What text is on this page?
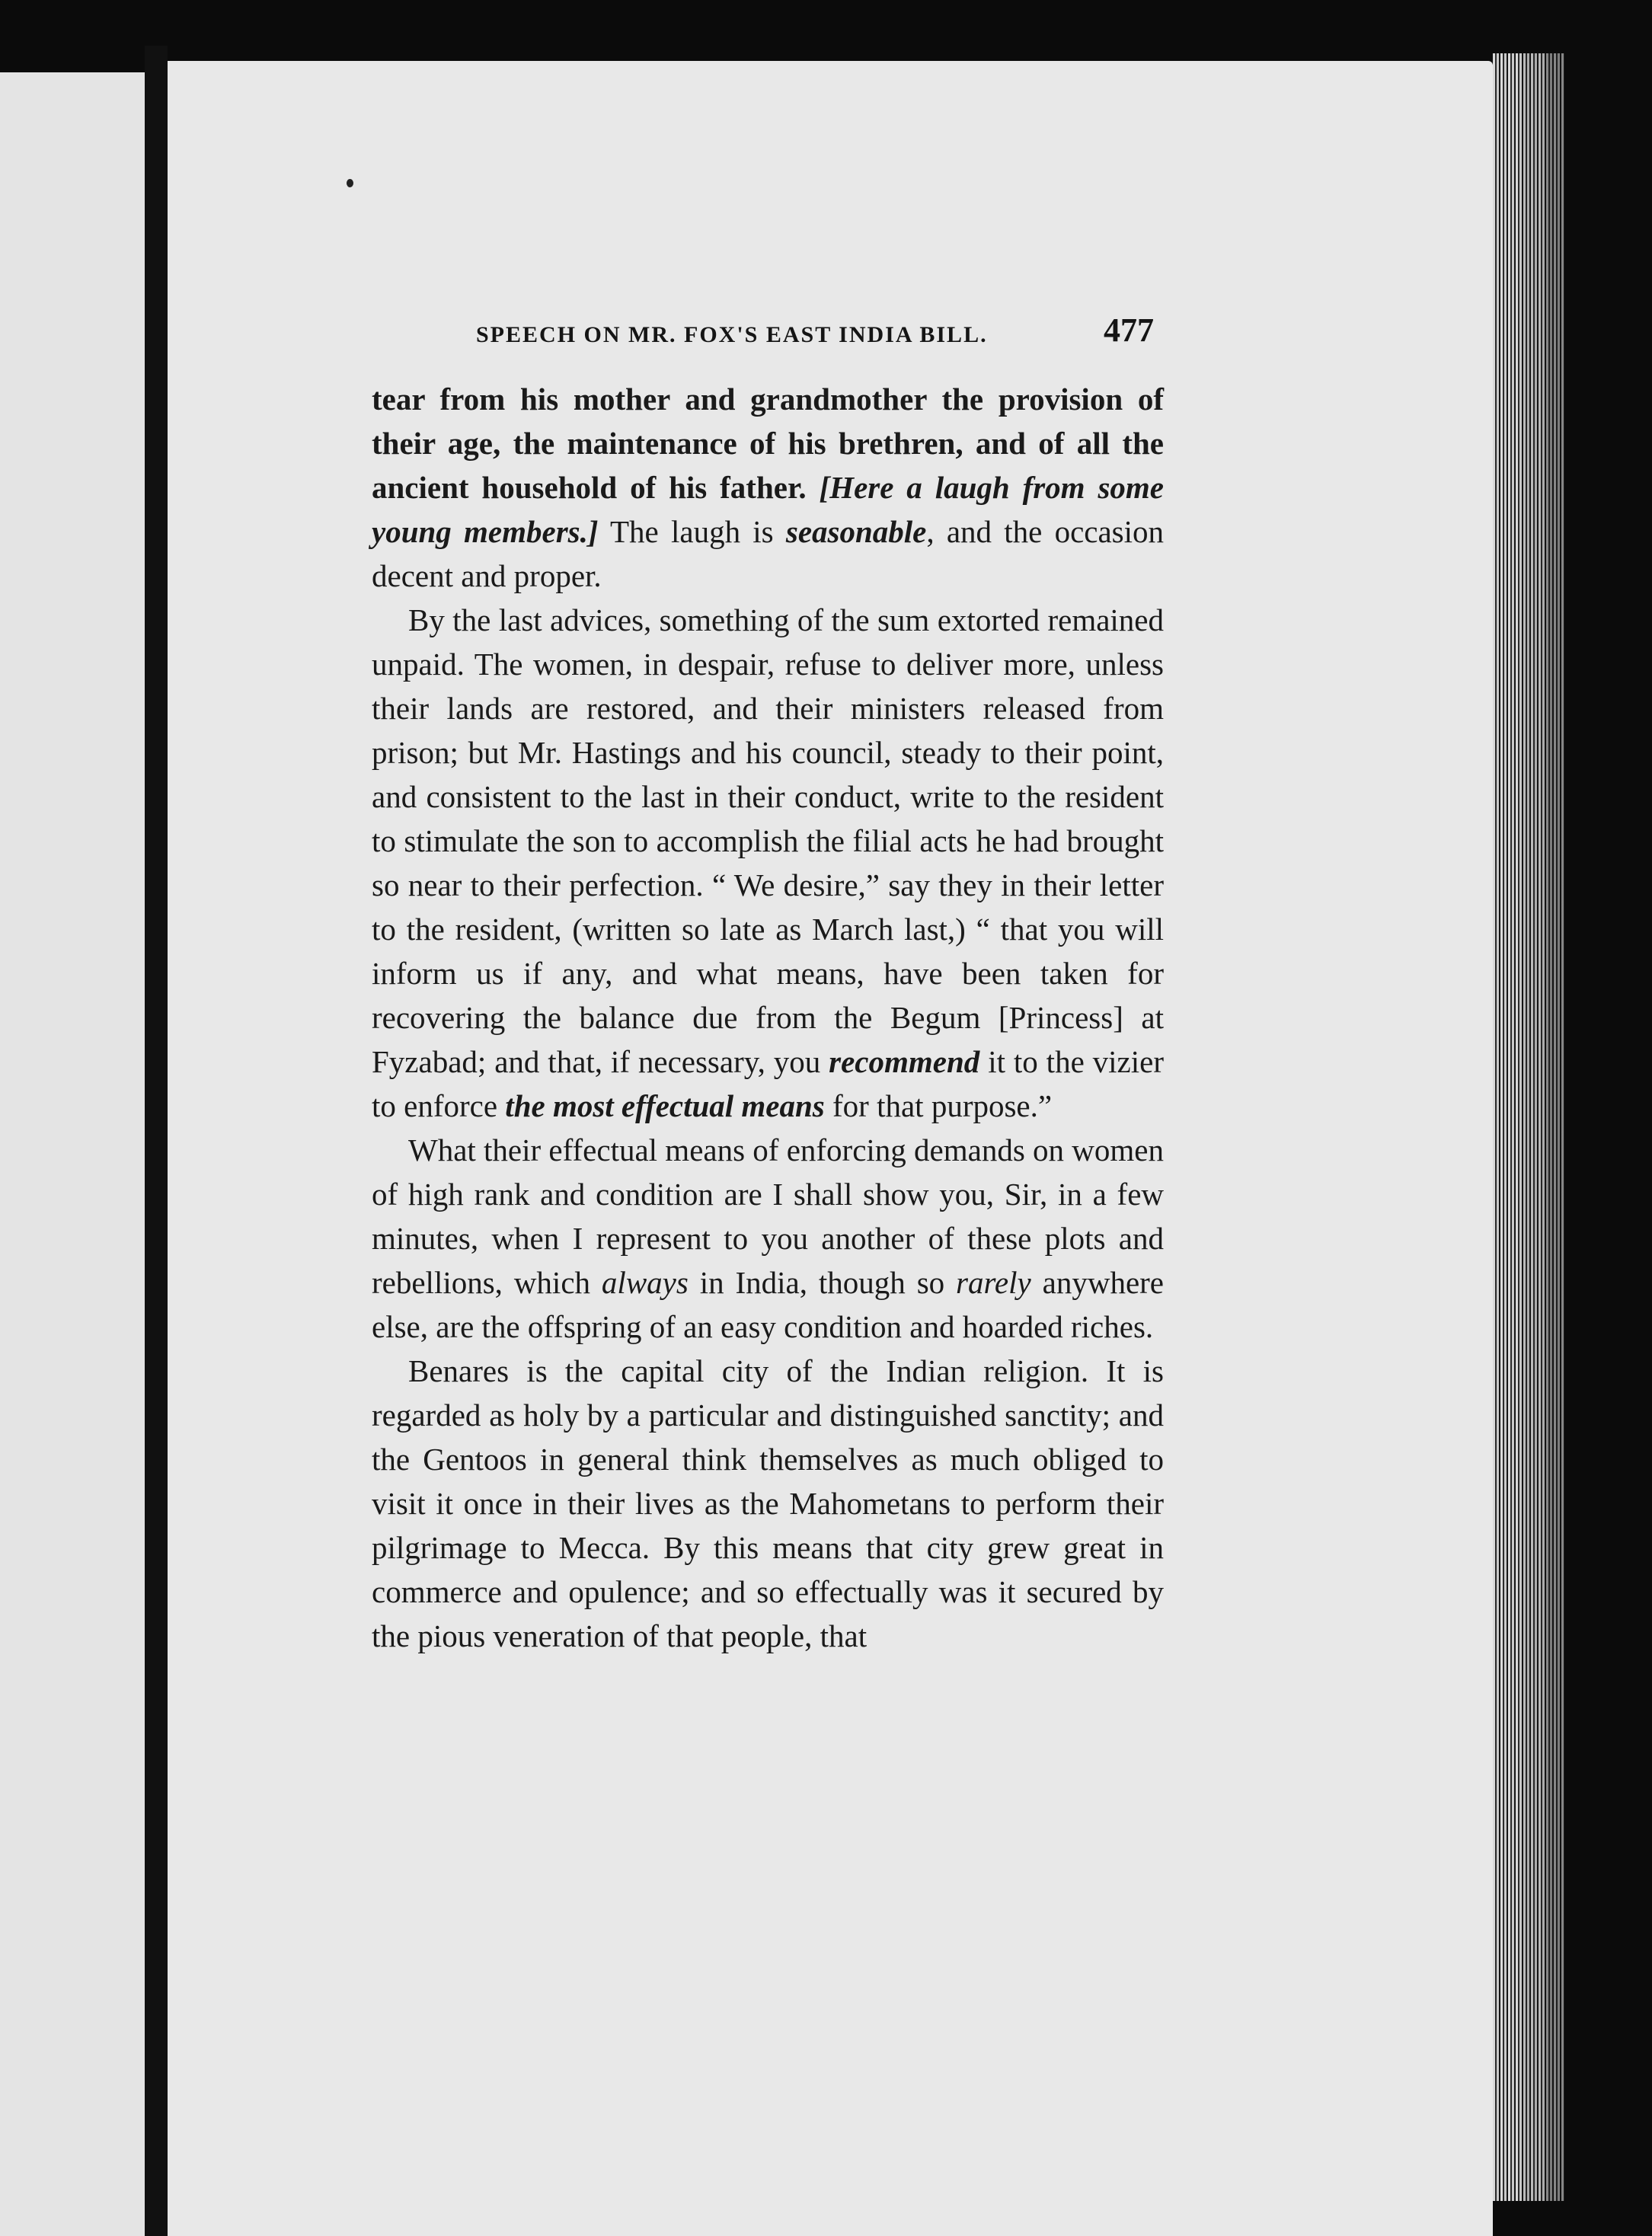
SPEECH ON MR. FOX'S EAST INDIA BILL.	477

tear from his mother and grandmother the provision of their age, the maintenance of his brethren, and of all the ancient household of his father. [Here a laugh from some young members.] The laugh is seasonable, and the occasion decent and proper.

By the last advices, something of the sum extorted remained unpaid. The women, in despair, refuse to deliver more, unless their lands are restored, and their ministers released from prison; but Mr. Hastings and his council, steady to their point, and consistent to the last in their conduct, write to the resident to stimulate the son to accomplish the filial acts he had brought so near to their perfection. “ We desire,” say they in their letter to the resident, (written so late as March last,) “ that you will inform us if any, and what means, have been taken for recovering the balance due from the Begum [Princess] at Fyzabad; and that, if necessary, you recommend it to the vizier to enforce the most effectual means for that purpose.”

What their effectual means of enforcing demands on women of high rank and condition are I shall show you, Sir, in a few minutes, when I represent to you another of these plots and rebellions, which always in India, though so rarely anywhere else, are the offspring of an easy condition and hoarded riches.

Benares is the capital city of the Indian religion. It is regarded as holy by a particular and distinguished sanctity; and the Gentoos in general think themselves as much obliged to visit it once in their lives as the Mahometans to perform their pilgrimage to Mecca. By this means that city grew great in commerce and opulence; and so effectually was it secured by the pious veneration of that people, that
